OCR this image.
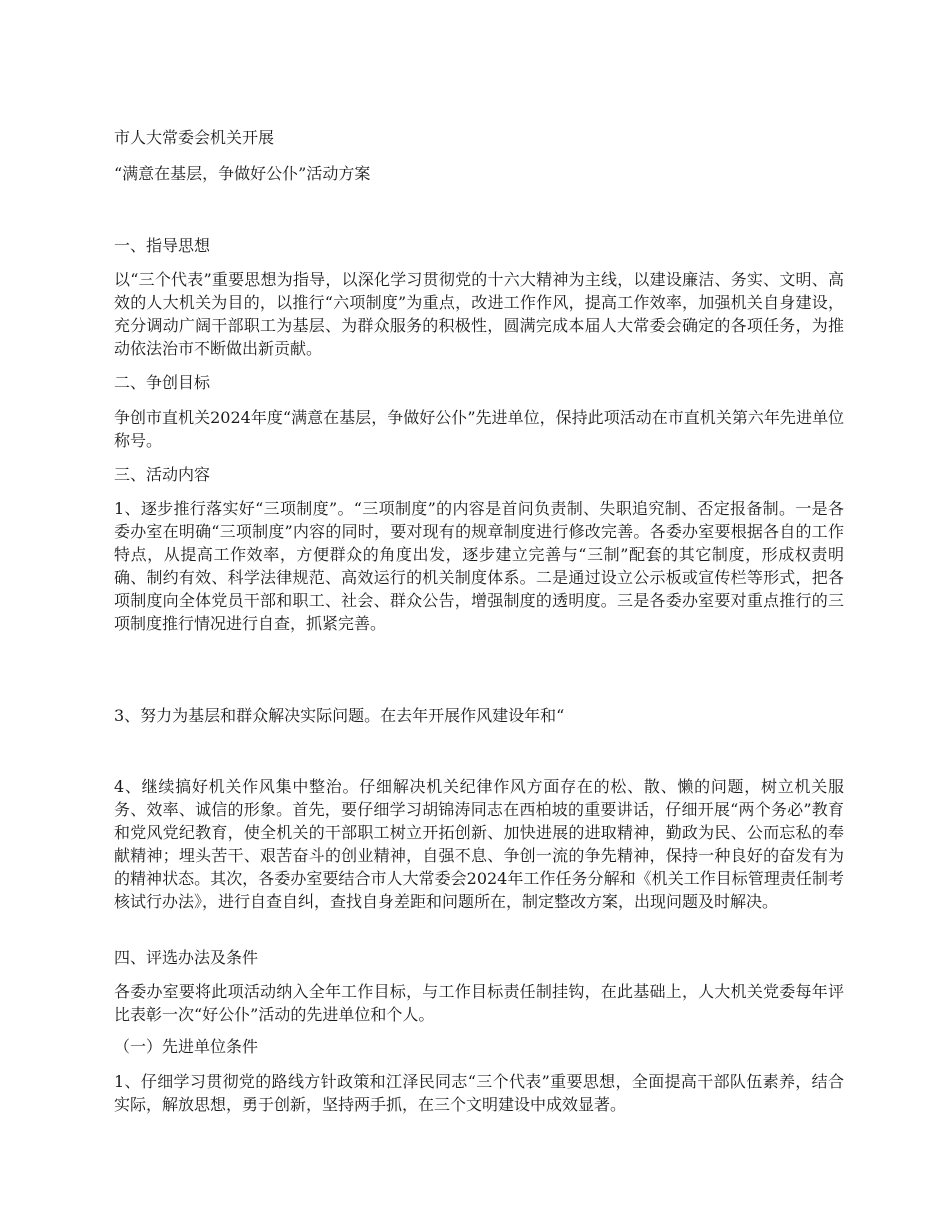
市人大常委会机关开展

“满意在基层，争做好公仆”活动方案

一、指导思想

以“三个代表”重要思想为指导，以深化学习贯彻党的十六大精神为主线，以建设廉洁、务实、文明、高效的人大机关为目的，以推行“六项制度”为重点，改进工作作风，提高工作效率，加强机关自身建设，充分调动广阔干部职工为基层、为群众服务的积极性，圆满完成本届人大常委会确定的各项任务，为推动依法治市不断做出新贡献。

二、争创目标

争创市直机关2024年度“满意在基层，争做好公仆”先进单位，保持此项活动在市直机关第六年先进单位称号。

三、活动内容

1、逐步推行落实好“三项制度”。“三项制度”的内容是首问负责制、失职追究制、否定报备制。一是各委办室在明确“三项制度”内容的同时，要对现有的规章制度进行修改完善。各委办室要根据各自的工作特点，从提高工作效率，方便群众的角度出发，逐步建立完善与“三制”配套的其它制度，形成权责明确、制约有效、科学法律规范、高效运行的机关制度体系。二是通过设立公示板或宣传栏等形式，把各项制度向全体党员干部和职工、社会、群众公告，增强制度的透明度。三是各委办室要对重点推行的三项制度推行情况进行自查，抓紧完善。

3、努力为基层和群众解决实际问题。在去年开展作风建设年和“

4、继续搞好机关作风集中整治。仔细解决机关纪律作风方面存在的松、散、懒的问题，树立机关服务、效率、诚信的形象。首先，要仔细学习胡锦涛同志在西柏坡的重要讲话，仔细开展“两个务必”教育和党风党纪教育，使全机关的干部职工树立开拓创新、加快进展的进取精神，勤政为民、公而忘私的奉献精神；埋头苦干、艰苦奋斗的创业精神，自强不息、争创一流的争先精神，保持一种良好的奋发有为的精神状态。其次，各委办室要结合市人大常委会2024年工作任务分解和《机关工作目标管理责任制考核试行办法》，进行自查自纠，查找自身差距和问题所在，制定整改方案，出现问题及时解决。

四、评选办法及条件

各委办室要将此项活动纳入全年工作目标，与工作目标责任制挂钩，在此基础上，人大机关党委每年评比表彰一次“好公仆”活动的先进单位和个人。

（一）先进单位条件

1、仔细学习贯彻党的路线方针政策和江泽民同志“三个代表”重要思想，全面提高干部队伍素养，结合实际，解放思想，勇于创新，坚持两手抓，在三个文明建设中成效显著。
